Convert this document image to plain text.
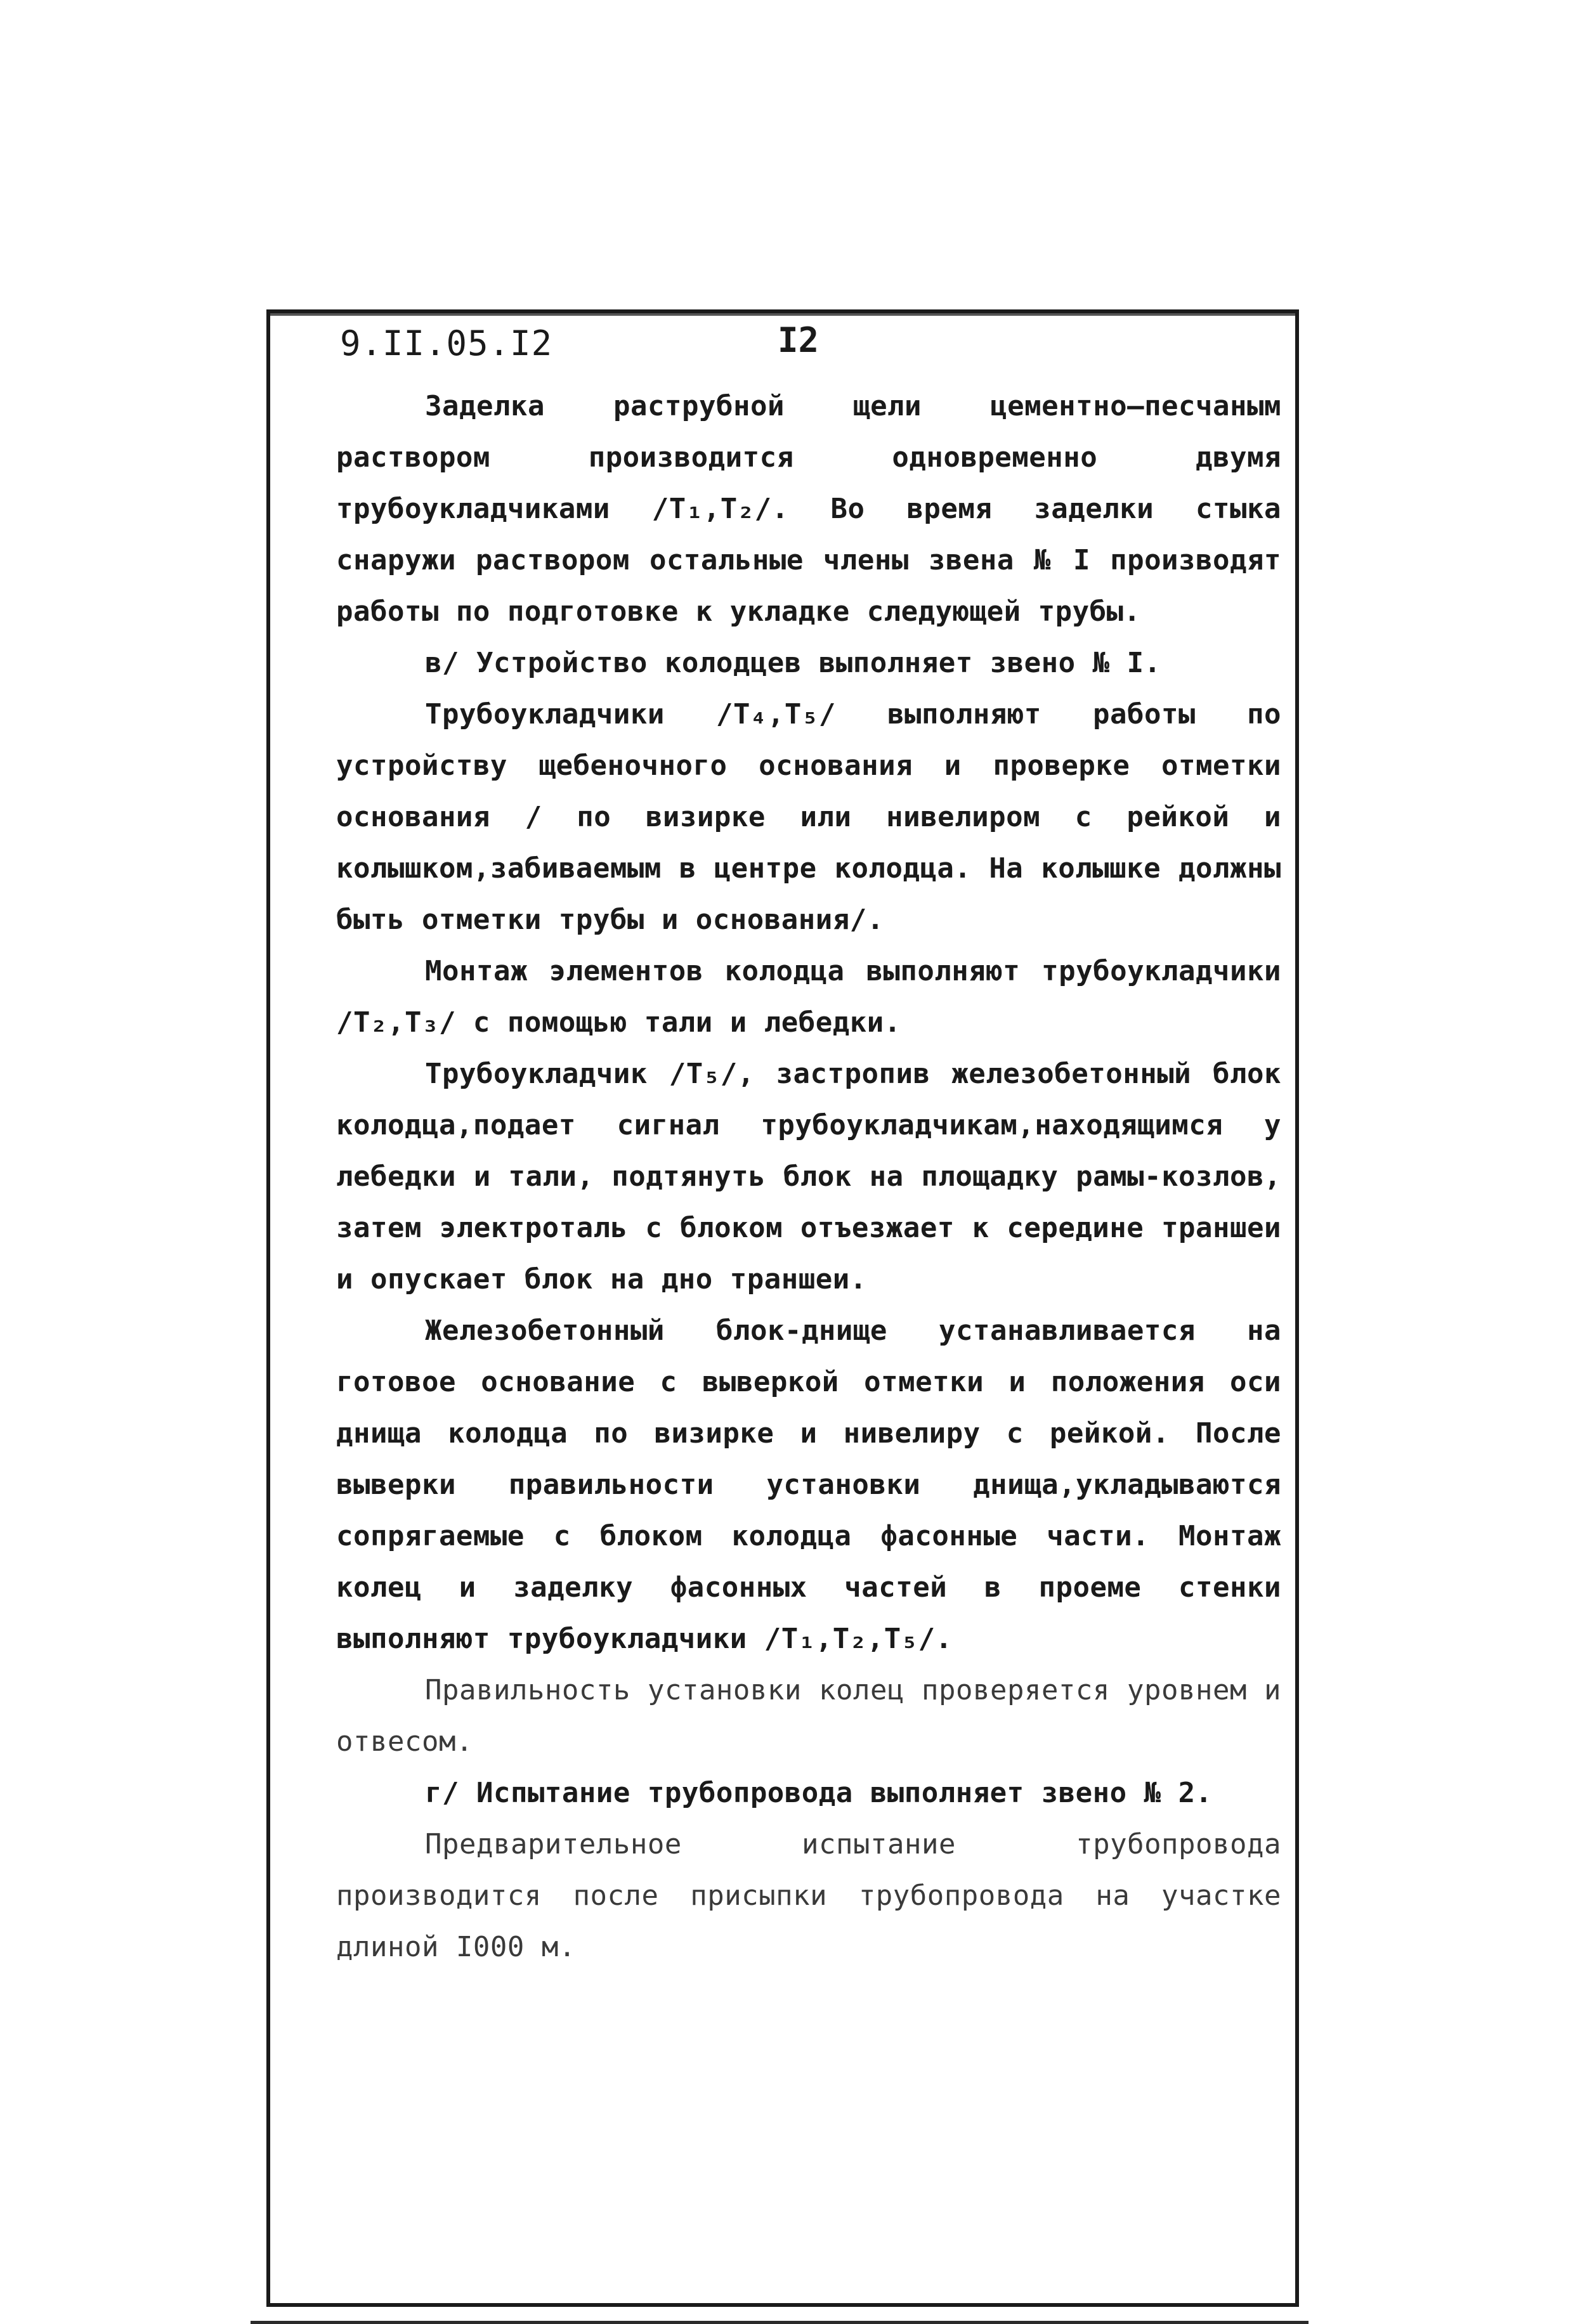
9.II.05.I2	I2

Заделка раструбной щели цементно—песчаным раствором производится одновременно двумя трубоукладчиками /Т₁,Т₂/. Во время заделки стыка снаружи раствором остальные члены звена № I производят работы по подготовке к укладке следующей трубы.

в/ Устройство колодцев выполняет звено № I.

Трубоукладчики /Т₄,Т₅/ выполняют работы по устройству щебеночного основания и проверке отметки основания / по визирке или нивелиром с рейкой и колышком,забиваемым в центре колодца. На колышке должны быть отметки трубы и основания/.

Монтаж элементов колодца выполняют трубоукладчики /Т₂,Т₃/ с помощью тали и лебедки.

Трубоукладчик /Т₅/, застропив железобетонный блок колодца,подает сигнал трубоукладчикам,находящимся у лебедки и тали, подтянуть блок на площадку рамы-козлов, затем электроталь с блоком отъезжает к середине траншеи и опускает блок на дно траншеи.

Железобетонный блок-днище устанавливается на готовое основание с выверкой отметки и положения оси днища колодца по визирке и нивелиру с рейкой. После выверки правильности установки днища,укладываются сопрягаемые с блоком колодца фасонные части. Монтаж колец и заделку фасонных частей в проеме стенки выполняют трубоукладчики /Т₁,Т₂,Т₅/.

Правильность установки колец проверяется уровнем и отвесом.

г/ Испытание трубопровода выполняет звено № 2.

Предварительное испытание трубопровода производится после присыпки трубопровода на участке длиной I000 м.
